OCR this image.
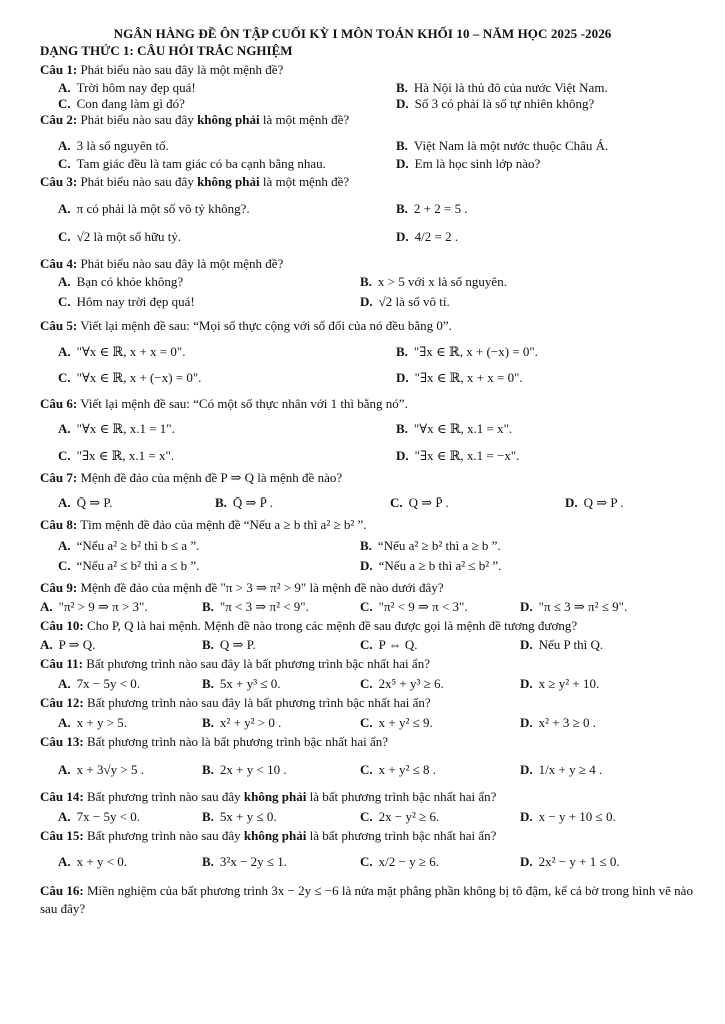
NGÂN HÀNG ĐỀ ÔN TẬP CUỐI KỲ I MÔN TOÁN KHỐI 10 – NĂM HỌC 2025 -2026
DẠNG THỨC 1: CÂU HỎI TRẮC NGHIỆM
Câu 1: Phát biểu nào sau đây là một mệnh đề?
A. Trời hôm nay đẹp quá!	B. Hà Nội là thủ đô của nước Việt Nam.
C. Con đang làm gì đó?	D. Số 3 có phải là số tự nhiên không?
Câu 2: Phát biểu nào sau đây không phải là một mệnh đề?
A. 3 là số nguyên tố.	B. Việt Nam là một nước thuộc Châu Á.
C. Tam giác đều là tam giác có ba cạnh bằng nhau.	D. Em là học sinh lớp nào?
Câu 3: Phát biểu nào sau đây không phải là một mệnh đề?
A. π có phải là một số vô tỷ không?.	B. 2 + 2 = 5 .
C. √2 là một số hữu tỷ.	D. 4/2 = 2 .
Câu 4: Phát biểu nào sau đây là một mệnh đề?
A. Bạn có khỏe không?	B. x > 5 với x là số nguyên.
C. Hôm nay trời đẹp quá!	D. √2 là số vô tỉ.
Câu 5: Viết lại mệnh đề sau: “Mọi số thực cộng với số đối của nó đều bằng 0”.
A. "∀x ∈ ℝ, x + x = 0".	B. "∃x ∈ ℝ, x + (−x) = 0".
C. "∀x ∈ ℝ, x + (−x) = 0".	D. "∃x ∈ ℝ, x + x = 0".
Câu 6: Viết lại mệnh đề sau: “Có một số thực nhân với 1 thì bằng nó”.
A. "∀x ∈ ℝ, x.1 = 1".	B. "∀x ∈ ℝ, x.1 = x".
C. "∃x ∈ ℝ, x.1 = x".	D. "∃x ∈ ℝ, x.1 = −x".
Câu 7: Mệnh đề đảo của mệnh đề P ⇒ Q là mệnh đề nào?
A. Q̄ ⇒ P.	B. Q̄ ⇒ P̄ .	C. Q ⇒ P̄ .	D. Q ⇒ P .
Câu 8: Tìm mệnh đề đảo của mệnh đề “Nếu a ≥ b thì a² ≥ b² ”.
A. “Nếu a² ≥ b² thì b ≤ a ”.	B. “Nếu a² ≥ b² thì a ≥ b ”.
C. “Nếu a² ≤ b² thì a ≤ b ”.	D. “Nếu a ≥ b thì a² ≤ b² ”.
Câu 9: Mệnh đề đảo của mệnh đề "π > 3 ⇒ π² > 9" là mệnh đề nào dưới đây?
A. "π² > 9 ⇒ π > 3".	B. "π < 3 ⇒ π² < 9".	C. "π² < 9 ⇒ π < 3".	D. "π ≤ 3 ⇒ π² ≤ 9".
Câu 10: Cho P, Q là hai mệnh. Mệnh đề nào trong các mệnh đề sau được gọi là mệnh đề tương đương?
A. P ⇒ Q.	B. Q ⇒ P.	C. P ⇔ Q.	D. Nếu P thì Q.
Câu 11: Bất phương trình nào sau đây là bất phương trình bậc nhất hai ẩn?
A. 7x − 5y < 0.	B. 5x + y³ ≤ 0.	C. 2x⁵ + y³ ≥ 6.	D. x ≥ y² + 10.
Câu 12: Bất phương trình nào sau đây là bất phương trình bậc nhất hai ẩn?
A. x + y > 5.	B. x² + y² > 0 .	C. x + y² ≤ 9.	D. x² + 3 ≥ 0 .
Câu 13: Bất phương trình nào là bất phương trình bậc nhất hai ẩn?
A. x + 3√y > 5 .	B. 2x + y < 10 .	C. x + y² ≤ 8 .	D. 1/x + y ≥ 4 .
Câu 14: Bất phương trình nào sau đây không phải là bất phương trình bậc nhất hai ẩn?
A. 7x − 5y < 0.	B. 5x + y ≤ 0.	C. 2x − y² ≥ 6.	D. x − y + 10 ≤ 0.
Câu 15: Bất phương trình nào sau đây không phải là bất phương trình bậc nhất hai ẩn?
A. x + y < 0.	B. 3²x − 2y ≤ 1.	C. x/2 − y ≥ 6.	D. 2x² − y + 1 ≤ 0.
Câu 16: Miền nghiệm của bất phương trình 3x − 2y ≤ −6 là nửa mặt phẳng phần không bị tô đậm, kể cả bờ trong hình vẽ nào sau đây?
